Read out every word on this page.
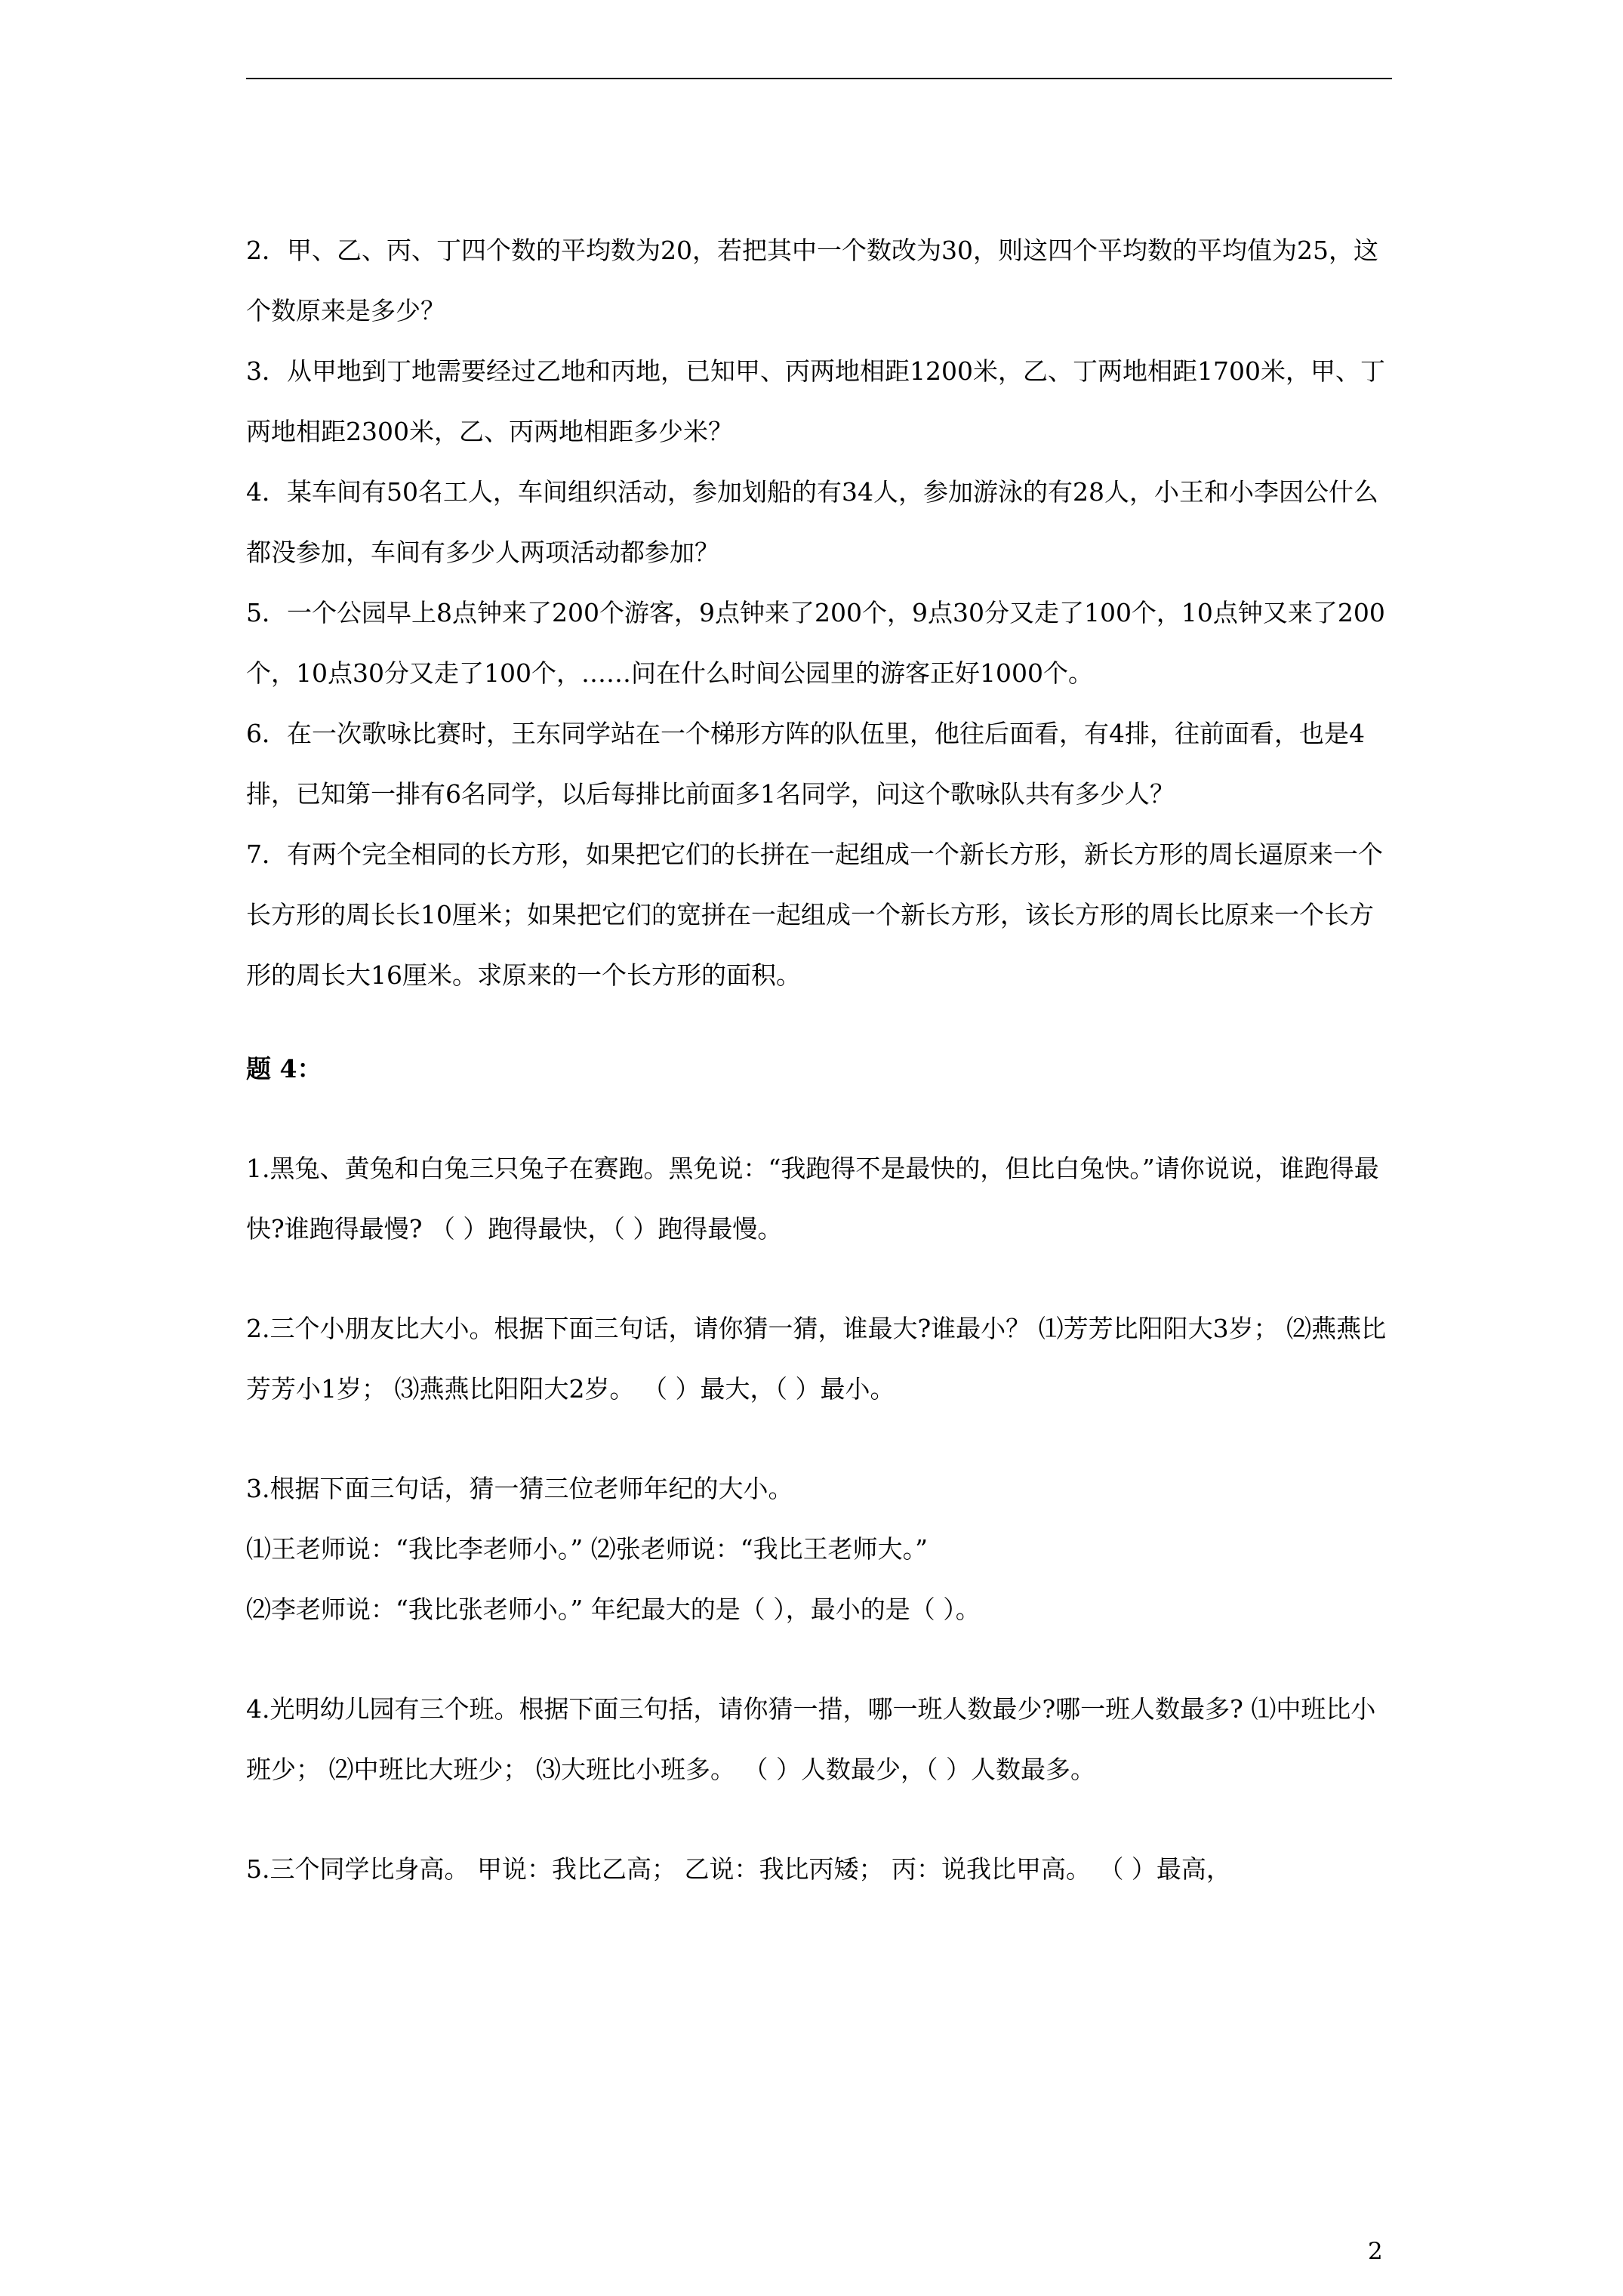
2．甲、乙、丙、丁四个数的平均数为20，若把其中一个数改为30，则这四个平均数的平均值为25，这个数原来是多少？

3．从甲地到丁地需要经过乙地和丙地，已知甲、丙两地相距1200米，乙、丁两地相距1700米，甲、丁两地相距2300米，乙、丙两地相距多少米？

4．某车间有50名工人，车间组织活动，参加划船的有34人，参加游泳的有28人，小王和小李因公什么都没参加，车间有多少人两项活动都参加？

5．一个公园早上8点钟来了200个游客，9点钟来了200个，9点30分又走了100个，10点钟又来了200个，10点30分又走了100个，……问在什么时间公园里的游客正好1000个。

6．在一次歌咏比赛时，王东同学站在一个梯形方阵的队伍里，他往后面看，有4排，往前面看，也是4排，已知第一排有6名同学，以后每排比前面多1名同学，问这个歌咏队共有多少人？

7．有两个完全相同的长方形，如果把它们的长拼在一起组成一个新长方形，新长方形的周长逼原来一个长方形的周长长10厘米；如果把它们的宽拼在一起组成一个新长方形，该长方形的周长比原来一个长方形的周长大16厘米。求原来的一个长方形的面积。

题 4：

1.黑兔、黄兔和白兔三只兔子在赛跑。黑免说：“我跑得不是最快的，但比白兔快。”请你说说，谁跑得最快?谁跑得最慢? （ ）跑得最快，（ ）跑得最慢。

2.三个小朋友比大小。根据下面三句话，请你猜一猜，谁最大?谁最小？ ⑴芳芳比阳阳大3岁； ⑵燕燕比芳芳小1岁； ⑶燕燕比阳阳大2岁。 （ ）最大，（ ）最小。

3.根据下面三句话，猜一猜三位老师年纪的大小。

⑴王老师说：“我比李老师小。” ⑵张老师说：“我比王老师大。”

⑵李老师说：“我比张老师小。” 年纪最大的是（ ），最小的是（ ）。

4.光明幼儿园有三个班。根据下面三句括，请你猜一措，哪一班人数最少?哪一班人数最多? ⑴中班比小班少； ⑵中班比大班少； ⑶大班比小班多。 （ ）人数最少，（ ）人数最多。

5.三个同学比身高。 甲说：我比乙高； 乙说：我比丙矮； 丙：说我比甲高。 （ ）最高，

2
